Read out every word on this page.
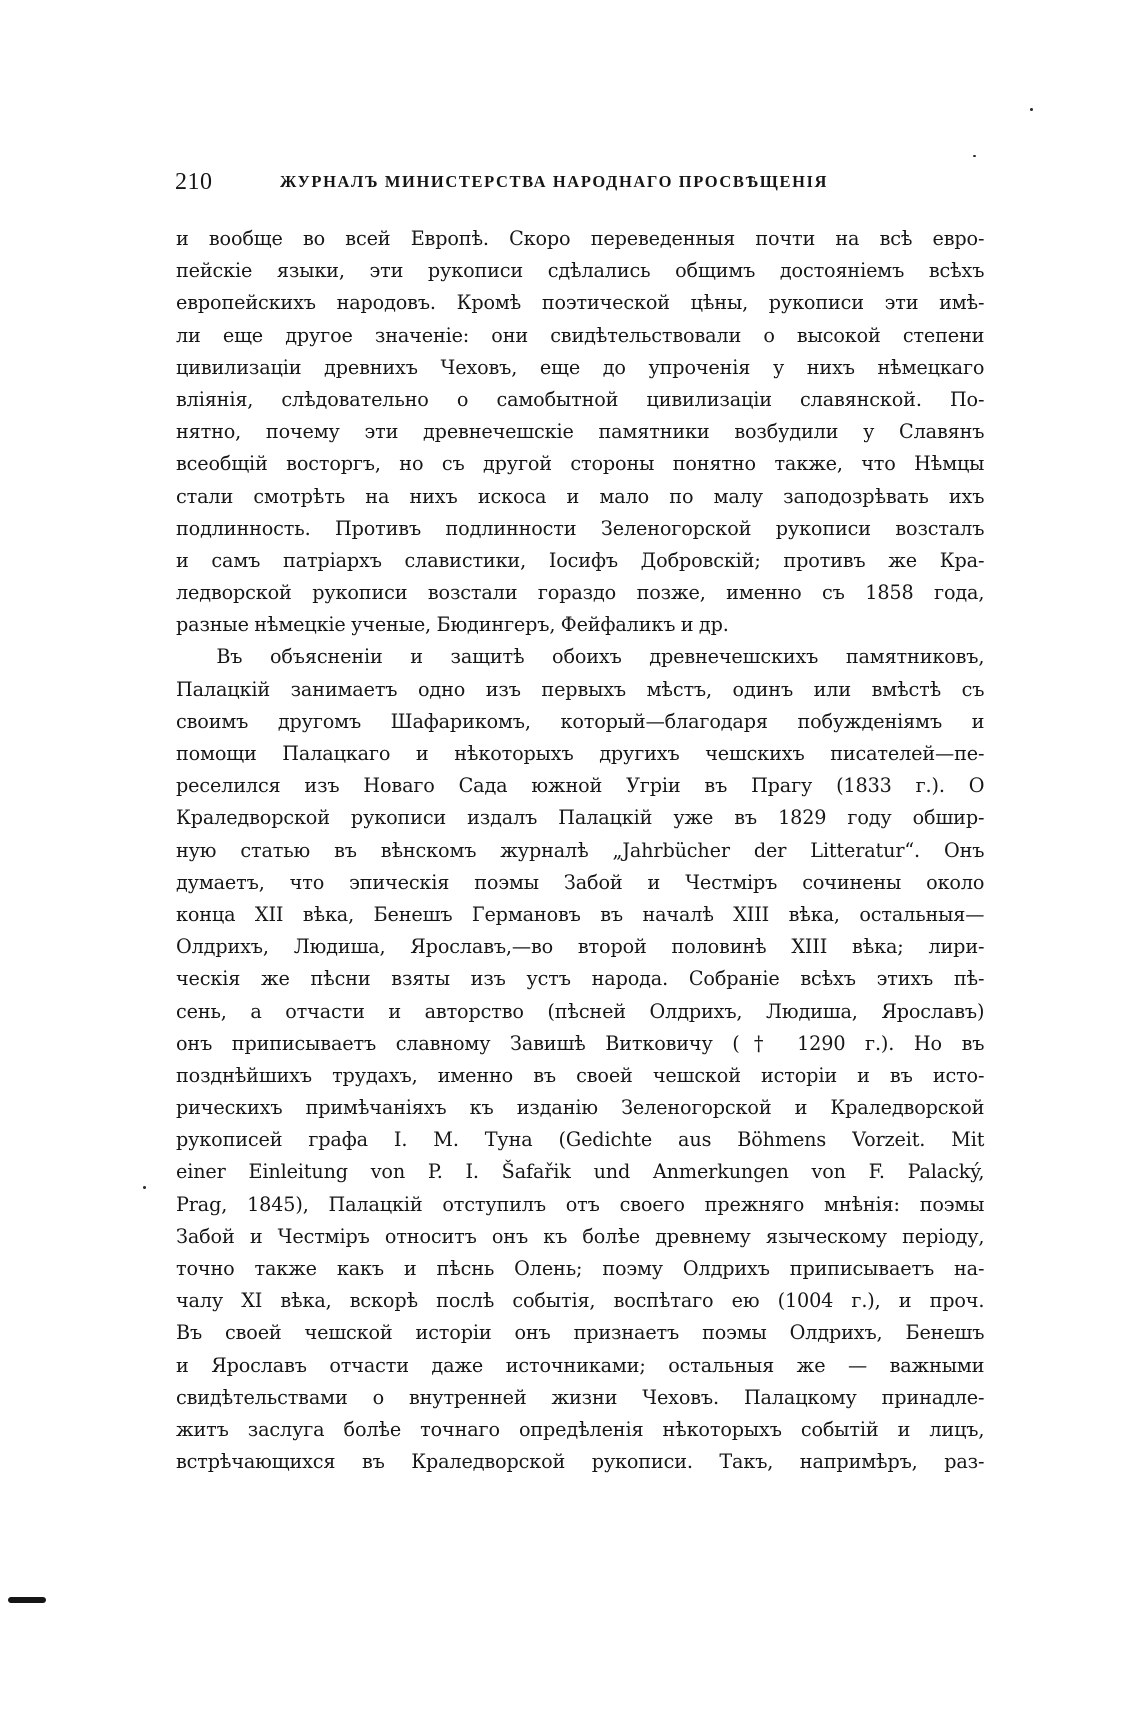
210	ЖУРНАЛЪ МИНИСТЕРСТВА НАРОДНАГО ПРОСВѢЩЕНІЯ
и вообще во всей Европѣ. Скоро переведенныя почти на всѣ евро-
пейскіе языки, эти рукописи сдѣлались общимъ достояніемъ всѣхъ
европейскихъ народовъ. Кромѣ поэтической цѣны, рукописи эти имѣ-
ли еще другое значеніе: они свидѣтельствовали о высокой степени
цивилизаціи древнихъ Чеховъ, еще до упроченія у нихъ нѣмецкаго
вліянія, слѣдовательно о самобытной цивилизаціи славянской. По-
нятно, почему эти древнечешскіе памятники возбудили у Славянъ
всеобщій восторгъ, но съ другой стороны понятно также, что Нѣмцы
стали смотрѣть на нихъ искоса и мало по малу заподозрѣвать ихъ
подлинность. Противъ подлинности Зеленогорской рукописи возсталъ
и самъ патріархъ славистики, Іосифъ Добровскій; противъ же Кра-
ледворской рукописи возстали гораздо позже, именно съ 1858 года,
разные нѣмецкіе ученые, Бюдингеръ, Фейфаликъ и др.
Въ объясненіи и защитѣ обоихъ древнечешскихъ памятниковъ,
Палацкій занимаетъ одно изъ первыхъ мѣстъ, одинъ или вмѣстѣ съ
своимъ другомъ Шафарикомъ, который—благодаря побужденіямъ и
помощи Палацкаго и нѣкоторыхъ другихъ чешскихъ писателей—пе-
реселился изъ Новаго Сада южной Угріи въ Прагу (1833 г.). О
Краледворской рукописи издалъ Палацкій уже въ 1829 году обшир-
ную статью въ вѣнскомъ журналѣ „Jahrbücher der Litteratur“. Онъ
думаетъ, что эпическія поэмы Забой и Честміръ сочинены около
конца XII вѣка, Бенешъ Германовъ въ началѣ XIII вѣка, остальныя—
Олдрихъ, Людиша, Ярославъ,—во второй половинѣ XIII вѣка; лири-
ческія же пѣсни взяты изъ устъ народа. Собраніе всѣхъ этихъ пѣ-
сень, а отчасти и авторство (пѣсней Олдрихъ, Людиша, Ярославъ)
онъ приписываетъ славному Завишѣ Витковичу († 1290 г.). Но въ
позднѣйшихъ трудахъ, именно въ своей чешской исторіи и въ исто-
рическихъ примѣчаніяхъ къ изданію Зеленогорской и Краледворской
рукописей графа I. M. Туна (Gedichte aus Böhmens Vorzeit. Mit
einer Einleitung von P. I. Šafařik und Anmerkungen von F. Palacký,
Prag, 1845), Палацкій отступилъ отъ своего прежняго мнѣнія: поэмы
Забой и Честміръ относитъ онъ къ болѣе древнему языческому періоду,
точно также какъ и пѣснь Олень; поэму Олдрихъ приписываетъ на-
чалу XI вѣка, вскорѣ послѣ событія, воспѣтаго ею (1004 г.), и проч.
Въ своей чешской исторіи онъ признаетъ поэмы Олдрихъ, Бенешъ
и Ярославъ отчасти даже источниками; остальныя же — важными
свидѣтельствами о внутренней жизни Чеховъ. Палацкому принадле-
житъ заслуга болѣе точнаго опредѣленія нѣкоторыхъ событій и лицъ,
встрѣчающихся въ Краледворской рукописи. Такъ, напримѣръ, раз-
